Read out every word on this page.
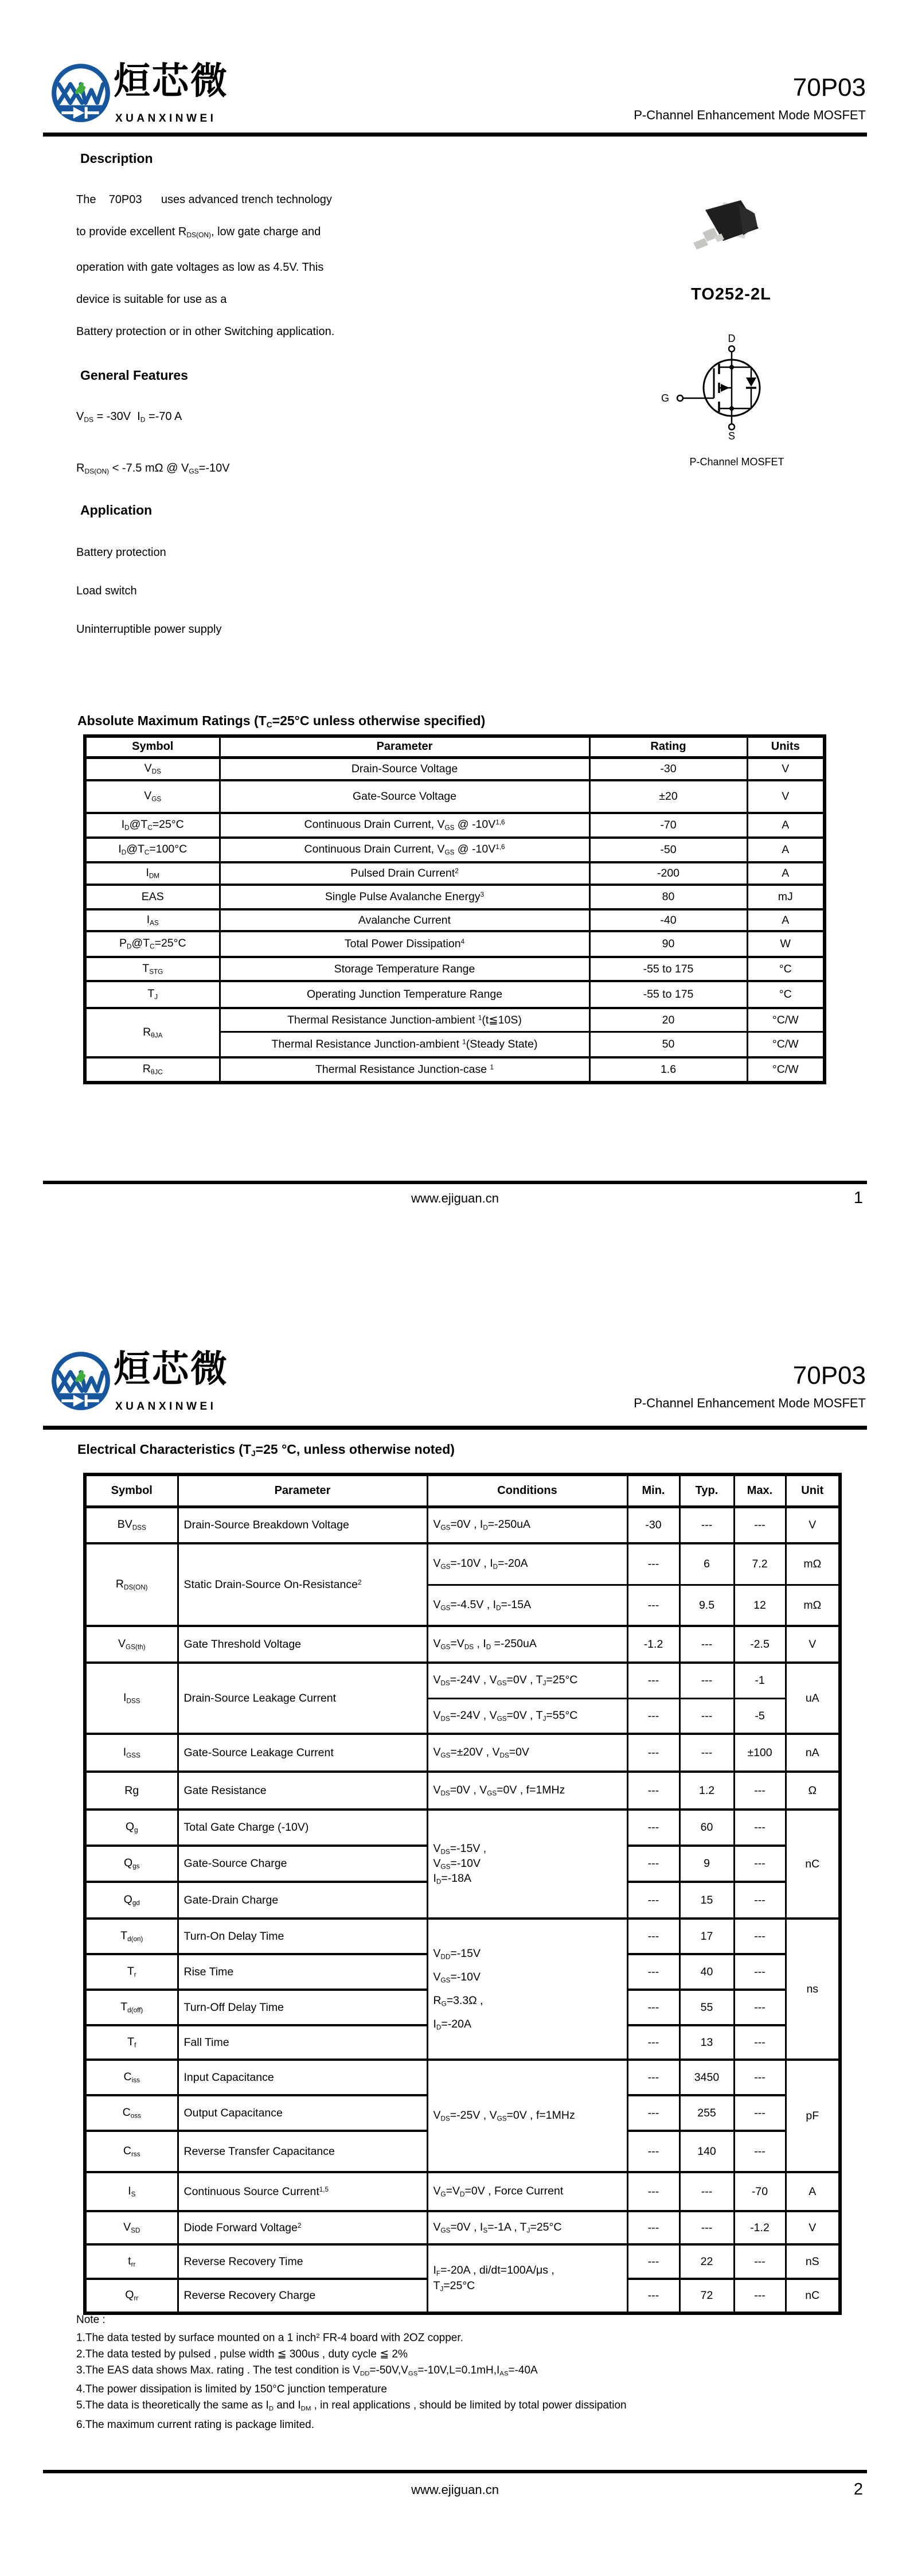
烜芯微
XUANXINWEI
70P03
P-Channel Enhancement Mode MOSFET
Description
The    70P03      uses advanced trench technology
to provide excellent $R_{DS(ON)}$, low gate charge and
operation with gate voltages as low as 4.5V. This
device is suitable for use as a
Battery protection or in other Switching application.
General Features
$V_{DS} = -30V$  $I_D =-70$ A
$R_{DS(ON)} < -7.5$ mΩ @ $V_{GS}=-10V$
Application
Battery protection
Load switch
Uninterruptible power supply
TO252-2L
D
G
S
P-Channel MOSFET
Absolute Maximum Ratings ($T_C=25^\circ C$ unless otherwise specified)
Symbol	Parameter	Rating	Units
$V_{DS}$	Drain-Source Voltage	-30	V
$V_{GS}$	Gate-Source Voltage	±20	V
$I_D@T_C=25^\circ C$	Continuous Drain Current, $V_{GS}$ @ $-10V^{1,6}$	-70	A
$I_D@T_C=100^\circ C$	Continuous Drain Current, $V_{GS}$ @ $-10V^{1,6}$	-50	A
$I_{DM}$	Pulsed Drain Current$^2$	-200	A
EAS	Single Pulse Avalanche Energy$^3$	80	mJ
$I_{AS}$	Avalanche Current	-40	A
$P_D@T_C=25^\circ C$	Total Power Dissipation$^4$	90	W
$T_{STG}$	Storage Temperature Range	-55 to 175	°C
$T_J$	Operating Junction Temperature Range	-55 to 175	°C
$R_{\theta JA}$	Thermal Resistance Junction-ambient $^1$(t≦10S)	20	°C/W
	Thermal Resistance Junction-ambient $^1$(Steady State)	50	°C/W
$R_{\theta JC}$	Thermal Resistance Junction-case $^1$	1.6	°C/W
www.ejiguan.cn	1
烜芯微
XUANXINWEI
70P03
P-Channel Enhancement Mode MOSFET
Electrical Characteristics ($T_J=25$ °C, unless otherwise noted)
Symbol	Parameter	Conditions	Min.	Typ.	Max.	Unit
$BV_{DSS}$	Drain-Source Breakdown Voltage	$V_{GS}=0V$ , $I_D=-250uA$	-30	---	---	V
$R_{DS(ON)}$	Static Drain-Source On-Resistance$^2$	$V_{GS}=-10V$ , $I_D=-20A$	---	6	7.2	mΩ
		$V_{GS}=-4.5V$ , $I_D=-15A$	---	9.5	12	mΩ
$V_{GS(th)}$	Gate Threshold Voltage	$V_{GS}=V_{DS}$ , $I_D =-250uA$	-1.2	---	-2.5	V
$I_{DSS}$	Drain-Source Leakage Current	$V_{DS}=-24V$ , $V_{GS}=0V$ , $T_J=25^\circ C$	---	---	-1	uA
		$V_{DS}=-24V$ , $V_{GS}=0V$ , $T_J=55^\circ C$	---	---	-5	
$I_{GSS}$	Gate-Source Leakage Current	$V_{GS}=\pm 20V$ , $V_{DS}=0V$	---	---	±100	nA
Rg	Gate Resistance	$V_{DS}=0V$ , $V_{GS}=0V$ , f=1MHz	---	1.2	---	Ω
$Q_g$	Total Gate Charge (-10V)	$V_{DS}=-15V$ ,
$V_{GS}=-10V$
$I_D=-18A$	---	60	---	nC
$Q_{gs}$	Gate-Source Charge		---	9	---	
$Q_{gd}$	Gate-Drain Charge		---	15	---	
$T_{d(on)}$	Turn-On Delay Time	$V_{DD}=-15V$
$V_{GS}=-10V$
$R_G=3.3\Omega$ ,
$I_D=-20A$	---	17	---	ns
$T_r$	Rise Time		---	40	---	
$T_{d(off)}$	Turn-Off Delay Time		---	55	---	
$T_f$	Fall Time		---	13	---	
$C_{iss}$	Input Capacitance	$V_{DS}=-25V$ , $V_{GS}=0V$ , f=1MHz	---	3450	---	pF
$C_{oss}$	Output Capacitance		---	255	---	
$C_{rss}$	Reverse Transfer Capacitance		---	140	---	
$I_S$	Continuous Source Current$^{1,5}$	$V_G=V_D=0V$ , Force Current	---	---	-70	A
$V_{SD}$	Diode Forward Voltage$^2$	$V_{GS}=0V$ , $I_S=-1A$ , $T_J=25^\circ C$	---	---	-1.2	V
$t_{rr}$	Reverse Recovery Time	$I_F=-20A$ , di/dt=100A/μs ,
$T_J=25^\circ C$	---	22	---	nS
$Q_{rr}$	Reverse Recovery Charge		---	72	---	nC
Note :
1.The data tested by surface mounted on a 1 inch$^2$ FR-4 board with 2OZ copper.
2.The data tested by pulsed , pulse width ≦ 300us , duty cycle ≦ 2%
3.The EAS data shows Max. rating . The test condition is $V_{DD}=-50V,V_{GS}=-10V,L=0.1mH,I_{AS}=-40A$
4.The power dissipation is limited by 150°C junction temperature
5.The data is theoretically the same as $I_D$ and $I_{DM}$ , in real applications , should be limited by total power dissipation
6.The maximum current rating is package limited.
www.ejiguan.cn	2
